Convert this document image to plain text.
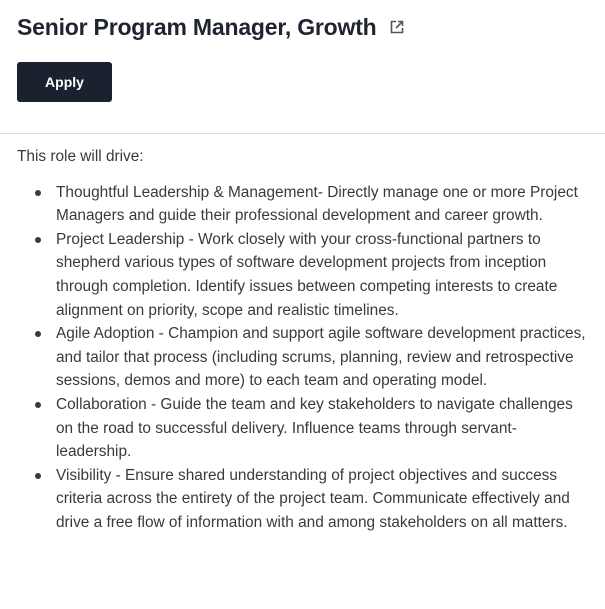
Senior Program Manager, Growth
Apply

This role will drive:

Thoughtful Leadership & Management- Directly manage one or more Project Managers and guide their professional development and career growth.
Project Leadership - Work closely with your cross-functional partners to shepherd various types of software development projects from inception through completion. Identify issues between competing interests to create alignment on priority, scope and realistic timelines.
Agile Adoption - Champion and support agile software development practices, and tailor that process (including scrums, planning, review and retrospective sessions, demos and more) to each team and operating model.
Collaboration - Guide the team and key stakeholders to navigate challenges on the road to successful delivery. Influence teams through servant-leadership.
Visibility - Ensure shared understanding of project objectives and success criteria across the entirety of the project team. Communicate effectively and drive a free flow of information with and among stakeholders on all matters.
